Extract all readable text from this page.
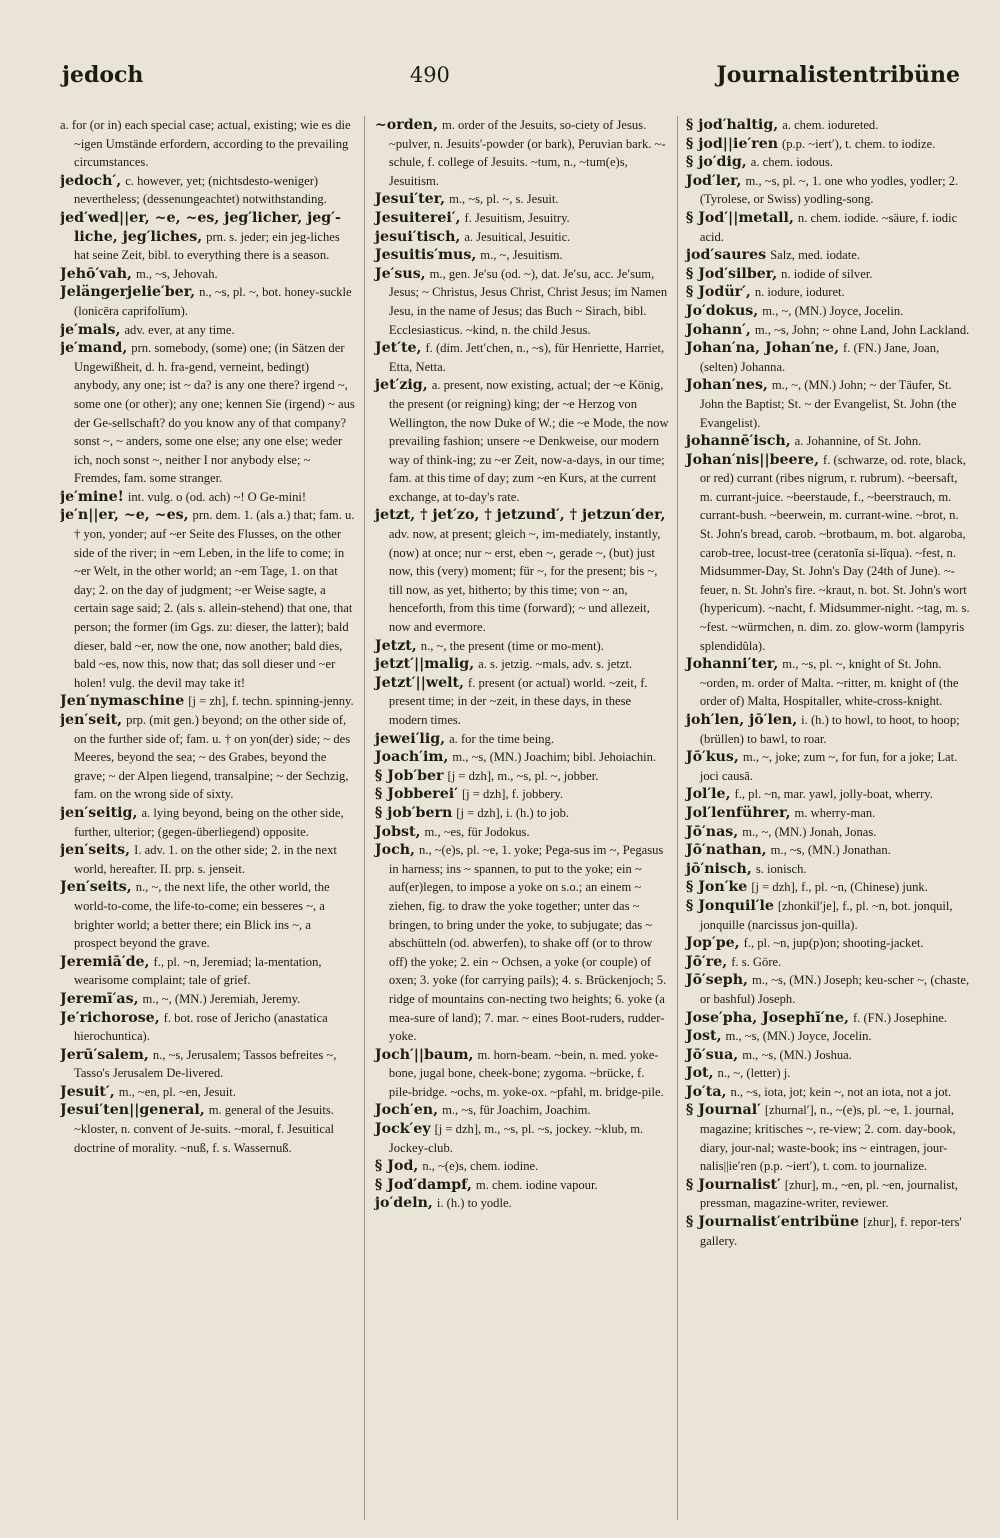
jedoch	490	Journalistentribüne

a. for (or in) each special case; actual, existing; wie es die ~igen Umstände erfordern, according to the prevailing circumstances.

jedoch′, c. however, yet; (nichtsdesto-weniger) nevertheless; (dessenungeachtet) notwithstanding.

jed′wed||er, ~e, ~es, jeg′licher, jeg′-liche, jeg′liches, prn. s. jeder; ein jeg-liches hat seine Zeit, bibl. to everything there is a season.

Jehō′vah, m., ~s, Jehovah.

Jelängerjelie′ber, n., ~s, pl. ~, bot. honey-suckle (lonicēra caprifolĭum).

je′mals, adv. ever, at any time.

je′mand, prn. somebody, (some) one; (in Sätzen der Ungewißheit, d. h. fra-gend, verneint, bedingt) anybody, any one; ist ~ da? is any one there? irgend ~, some one (or other); any one; kennen Sie (irgend) ~ aus der Ge-sellschaft? do you know any of that company? sonst ~, ~ anders, some one else; any one else; weder ich, noch sonst ~, neither I nor anybody else; ~ Fremdes, fam. some stranger.

je′mine! int. vulg. o (od. ach) ~! O Ge-mini!

je′n||er, ~e, ~es, prn. dem. 1. (als a.) that; fam. u. † yon, yonder; auf ~er Seite des Flusses, on the other side of the river; in ~em Leben, in the life to come; in ~er Welt, in the other world; an ~em Tage, 1. on that day; 2. on the day of judgment; ~er Weise sagte, a certain sage said; 2. (als s. allein-stehend) that one, that person; the former (im Ggs. zu: dieser, the latter); bald dieser, bald ~er, now the one, now another; bald dies, bald ~es, now this, now that; das soll dieser und ~er holen! vulg. the devil may take it!

Jen′nymaschine [j = zh], f. techn. spinning-jenny.

jen′seit, prp. (mit gen.) beyond; on the other side of, on the further side of; fam. u. † on yon(der) side; ~ des Meeres, beyond the sea; ~ des Grabes, beyond the grave; ~ der Alpen liegend, transalpine; ~ der Sechzig, fam. on the wrong side of sixty.

jen′seitig, a. lying beyond, being on the other side, further, ulterior; (gegen-überliegend) opposite.

jen′seits, I. adv. 1. on the other side; 2. in the next world, hereafter. II. prp. s. jenseit.

Jen′seits, n., ~, the next life, the other world, the world-to-come, the life-to-come; ein besseres ~, a brighter world; a better there; ein Blick ins ~, a prospect beyond the grave.

Jeremiā′de, f., pl. ~n, Jeremiad; la-mentation, wearisome complaint; tale of grief.

Jeremī′as, m., ~, (MN.) Jeremiah, Jeremy.

Je′richorose, f. bot. rose of Jericho (anastatica hierochuntica).

Jerū′salem, n., ~s, Jerusalem; Tassos befreites ~, Tasso's Jerusalem De-livered.

Jesuit′, m., ~en, pl. ~en, Jesuit.

Jesui′ten||general, m. general of the Jesuits. ~kloster, n. convent of Je-suits. ~moral, f. Jesuitical doctrine of morality. ~nuß, f. s. Wassernuß.

~orden, m. order of the Jesuits, so-ciety of Jesus. ~pulver, n. Jesuits'-powder (or bark), Peruvian bark. ~-schule, f. college of Jesuits. ~tum, n., ~tum(e)s, Jesuitism.

Jesui′ter, m., ~s, pl. ~, s. Jesuit.

Jesuiterei′, f. Jesuitism, Jesuitry.

jesui′tisch, a. Jesuitical, Jesuitic.

Jesuitis′mus, m., ~, Jesuitism.

Je′sus, m., gen. Je′su (od. ~), dat. Je′su, acc. Je′sum, Jesus; ~ Christus, Jesus Christ, Christ Jesus; im Namen Jesu, in the name of Jesus; das Buch ~ Sirach, bibl. Ecclesiasticus. ~kind, n. the child Jesus.

Jet′te, f. (dim. Jett′chen, n., ~s), für Henriette, Harriet, Etta, Netta.

jet′zig, a. present, now existing, actual; der ~e König, the present (or reigning) king; der ~e Herzog von Wellington, the now Duke of W.; die ~e Mode, the now prevailing fashion; unsere ~e Denkweise, our modern way of think-ing; zu ~er Zeit, now-a-days, in our time; fam. at this time of day; zum ~en Kurs, at the current exchange, at to-day's rate.

jetzt, † jet′zo, † jetzund′, † jetzun′der, adv. now, at present; gleich ~, im-mediately, instantly, (now) at once; nur ~ erst, eben ~, gerade ~, (but) just now, this (very) moment; für ~, for the present; bis ~, till now, as yet, hitherto; by this time; von ~ an, henceforth, from this time (forward); ~ und allezeit, now and evermore.

Jetzt, n., ~, the present (time or mo-ment).

jetzt′||malig, a. s. jetzig. ~mals, adv. s. jetzt.

Jetzt′||welt, f. present (or actual) world. ~zeit, f. present time; in der ~zeit, in these days, in these modern times.

jewei′lig, a. for the time being.

Joach′im, m., ~s, (MN.) Joachim; bibl. Jehoiachin.

§ Job′ber [j = dzh], m., ~s, pl. ~, jobber.

§ Jobberei′ [j = dzh], f. jobbery.

§ job′bern [j = dzh], i. (h.) to job.

Jobst, m., ~es, für Jodokus.

Joch, n., ~(e)s, pl. ~e, 1. yoke; Pega-sus im ~, Pegasus in harness; ins ~ spannen, to put to the yoke; ein ~ auf(er)legen, to impose a yoke on s.o.; an einem ~ ziehen, fig. to draw the yoke together; unter das ~ bringen, to bring under the yoke, to subjugate; das ~ abschütteln (od. abwerfen), to shake off (or to throw off) the yoke; 2. ein ~ Ochsen, a yoke (or couple) of oxen; 3. yoke (for carrying pails); 4. s. Brückenjoch; 5. ridge of mountains con-necting two heights; 6. yoke (a mea-sure of land); 7. mar. ~ eines Boot-ruders, rudder-yoke.

Joch′||baum, m. horn-beam. ~bein, n. med. yoke-bone, jugal bone, cheek-bone; zygoma. ~brücke, f. pile-bridge. ~ochs, m. yoke-ox. ~pfahl, m. bridge-pile.

Joch′en, m., ~s, für Joachim, Joachim.

Jock′ey [j = dzh], m., ~s, pl. ~s, jockey. ~klub, m. Jockey-club.

§ Jod, n., ~(e)s, chem. iodine.

§ Jod′dampf, m. chem. iodine vapour.

jo′deln, i. (h.) to yodle.

§ jod′haltig, a. chem. iodureted.

§ jod||ie′ren (p.p. ~iert′), t. chem. to iodize.

§ jo′dig, a. chem. iodous.

Jod′ler, m., ~s, pl. ~, 1. one who yodles, yodler; 2. (Tyrolese, or Swiss) yodling-song.

§ Jod′||metall, n. chem. iodide. ~säure, f. iodic acid.

jod′saures Salz, med. iodate.

§ Jod′silber, n. iodide of silver.

§ Jodür′, n. iodure, ioduret.

Jo′dokus, m., ~, (MN.) Joyce, Jocelin.

Johann′, m., ~s, John; ~ ohne Land, John Lackland.

Johan′na, Johan′ne, f. (FN.) Jane, Joan, (selten) Johanna.

Johan′nes, m., ~, (MN.) John; ~ der Täufer, St. John the Baptist; St. ~ der Evangelist, St. John (the Evangelist).

johannē′isch, a. Johannine, of St. John.

Johan′nis||beere, f. (schwarze, od. rote, black, or red) currant (ribes nigrum, r. rubrum). ~beersaft, m. currant-juice. ~beerstaude, f., ~beerstrauch, m. currant-bush. ~beerwein, m. currant-wine. ~brot, n. St. John's bread, carob. ~brotbaum, m. bot. algaroba, carob-tree, locust-tree (ceratonĭa si-lĭqua). ~fest, n. Midsummer-Day, St. John's Day (24th of June). ~-feuer, n. St. John's fire. ~kraut, n. bot. St. John's wort (hypericum). ~nacht, f. Midsummer-night. ~tag, m. s. ~fest. ~würmchen, n. dim. zo. glow-worm (lampyris splendidŭla).

Johanni′ter, m., ~s, pl. ~, knight of St. John. ~orden, m. order of Malta. ~ritter, m. knight of (the order of) Malta, Hospitaller, white-cross-knight.

joh′len, jō′len, i. (h.) to howl, to hoot, to hoop; (brüllen) to bawl, to roar.

Jō′kus, m., ~, joke; zum ~, for fun, for a joke; Lat. joci causā.

Jol′le, f., pl. ~n, mar. yawl, jolly-boat, wherry.

Jol′lenführer, m. wherry-man.

Jō′nas, m., ~, (MN.) Jonah, Jonas.

Jō′nathan, m., ~s, (MN.) Jonathan.

jō′nisch, s. ionisch.

§ Jon′ke [j = dzh], f., pl. ~n, (Chinese) junk.

§ Jonquil′le [zhonkil′je], f., pl. ~n, bot. jonquil, jonquille (narcissus jon-quilla).

Jop′pe, f., pl. ~n, jup(p)on; shooting-jacket.

Jō′re, f. s. Göre.

Jō′seph, m., ~s, (MN.) Joseph; keu-scher ~, (chaste, or bashful) Joseph.

Jose′pha, Josephī′ne, f. (FN.) Josephine.

Jost, m., ~s, (MN.) Joyce, Jocelin.

Jō′sua, m., ~s, (MN.) Joshua.

Jot, n., ~, (letter) j.

Jo′ta, n., ~s, iota, jot; kein ~, not an iota, not a jot.

§ Journal′ [zhurnal′], n., ~(e)s, pl. ~e, 1. journal, magazine; kritisches ~, re-view; 2. com. day-book, diary, jour-nal; waste-book; ins ~ eintragen, jour-nalis||ie′ren (p.p. ~iert′), t. com. to journalize.

§ Journalist′ [zhur], m., ~en, pl. ~en, journalist, pressman, magazine-writer, reviewer.

§ Journalist′entribüne [zhur], f. repor-ters' gallery.
